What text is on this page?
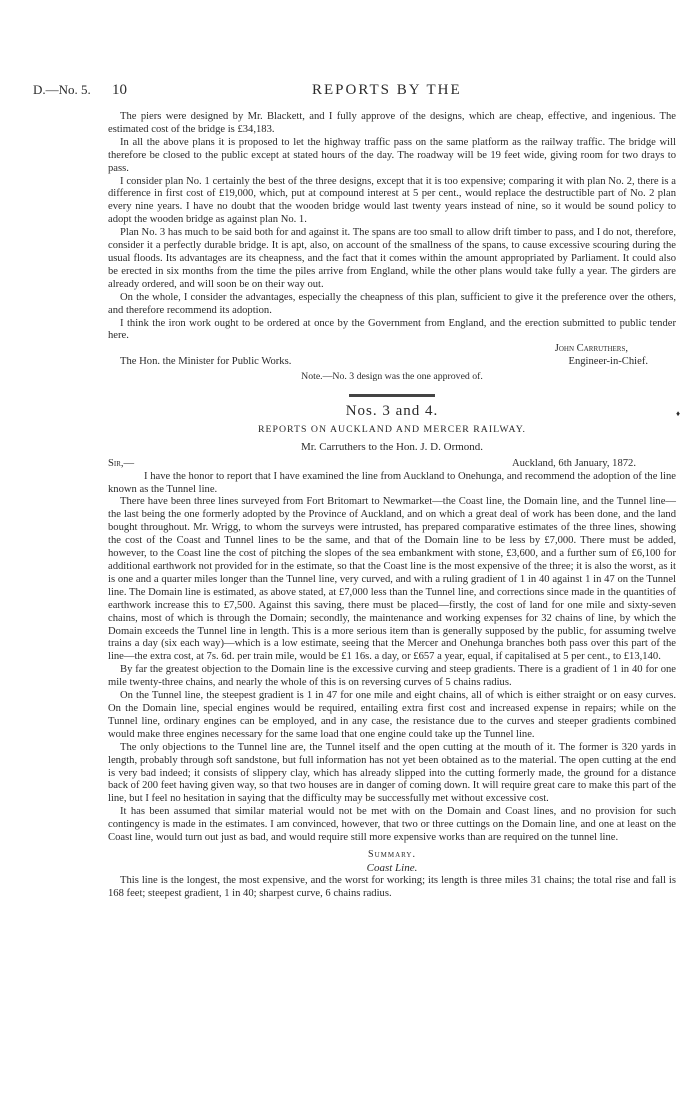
D.—No. 5. 10	REPORTS BY THE

The piers were designed by Mr. Blackett, and I fully approve of the designs, which are cheap, effective, and ingenious. The estimated cost of the bridge is £34,183.

In all the above plans it is proposed to let the highway traffic pass on the same platform as the railway traffic. The bridge will therefore be closed to the public except at stated hours of the day. The roadway will be 19 feet wide, giving room for two drays to pass.

I consider plan No. 1 certainly the best of the three designs, except that it is too expensive; comparing it with plan No. 2, there is a difference in first cost of £19,000, which, put at compound interest at 5 per cent., would replace the destructible part of No. 2 plan every nine years. I have no doubt that the wooden bridge would last twenty years instead of nine, so it would be sound policy to adopt the wooden bridge as against plan No. 1.

Plan No. 3 has much to be said both for and against it. The spans are too small to allow drift timber to pass, and I do not, therefore, consider it a perfectly durable bridge. It is apt, also, on account of the smallness of the spans, to cause excessive scouring during the usual floods. Its advantages are its cheapness, and the fact that it comes within the amount appropriated by Parliament. It could also be erected in six months from the time the piles arrive from England, while the other plans would take fully a year. The girders are already ordered, and will soon be on their way out.

On the whole, I consider the advantages, especially the cheapness of this plan, sufficient to give it the preference over the others, and therefore recommend its adoption.

I think the iron work ought to be ordered at once by the Government from England, and the erection submitted to public tender here.

John Carruthers,
The Hon. the Minister for Public Works.	Engineer-in-Chief.
Note.—No. 3 design was the one approved of.
Nos. 3 and 4.
REPORTS ON AUCKLAND AND MERCER RAILWAY.
Mr. Carruthers to the Hon. J. D. Ormond.
Sir,—	Auckland, 6th January, 1872.

I have the honor to report that I have examined the line from Auckland to Onehunga, and recommend the adoption of the line known as the Tunnel line.

There have been three lines surveyed from Fort Britomart to Newmarket—the Coast line, the Domain line, and the Tunnel line—the last being the one formerly adopted by the Province of Auckland, and on which a great deal of work has been done, and the land bought throughout. Mr. Wrigg, to whom the surveys were intrusted, has prepared comparative estimates of the three lines, showing the cost of the Coast and Tunnel lines to be the same, and that of the Domain line to be less by £7,000. There must be added, however, to the Coast line the cost of pitching the slopes of the sea embankment with stone, £3,600, and a further sum of £6,100 for additional earthwork not provided for in the estimate, so that the Coast line is the most expensive of the three; it is also the worst, as it is one and a quarter miles longer than the Tunnel line, very curved, and with a ruling gradient of 1 in 40 against 1 in 47 on the Tunnel line. The Domain line is estimated, as above stated, at £7,000 less than the Tunnel line, and corrections since made in the quantities of earthwork increase this to £7,500. Against this saving, there must be placed—firstly, the cost of land for one mile and sixty-seven chains, most of which is through the Domain; secondly, the maintenance and working expenses for 32 chains of line, by which the Domain exceeds the Tunnel line in length. This is a more serious item than is generally supposed by the public, for assuming twelve trains a day (six each way)—which is a low estimate, seeing that the Mercer and Onehunga branches both pass over this part of the line—the extra cost, at 7s. 6d. per train mile, would be £1 16s. a day, or £657 a year, equal, if capitalised at 5 per cent., to £13,140.

By far the greatest objection to the Domain line is the excessive curving and steep gradients. There is a gradient of 1 in 40 for one mile twenty-three chains, and nearly the whole of this is on reversing curves of 5 chains radius.

On the Tunnel line, the steepest gradient is 1 in 47 for one mile and eight chains, all of which is either straight or on easy curves. On the Domain line, special engines would be required, entailing extra first cost and increased expense in repairs; while on the Tunnel line, ordinary engines can be employed, and in any case, the resistance due to the curves and steeper gradients combined would make three engines necessary for the same load that one engine could take up the Tunnel line.

The only objections to the Tunnel line are, the Tunnel itself and the open cutting at the mouth of it. The former is 320 yards in length, probably through soft sandstone, but full information has not yet been obtained as to the material. The open cutting at the end is very bad indeed; it consists of slippery clay, which has already slipped into the cutting formerly made, the ground for a distance back of 200 feet having given way, so that two houses are in danger of coming down. It will require great care to make this part of the line, but I feel no hesitation in saying that the difficulty may be successfully met without excessive cost.

It has been assumed that similar material would not be met with on the Domain and Coast lines, and no provision for such contingency is made in the estimates. I am convinced, however, that two or three cuttings on the Domain line, and one at least on the Coast line, would turn out just as bad, and would require still more expensive works than are required on the tunnel line.

Summary.
Coast Line.

This line is the longest, the most expensive, and the worst for working; its length is three miles 31 chains; the total rise and fall is 168 feet; steepest gradient, 1 in 40; sharpest curve, 6 chains radius.

♦
